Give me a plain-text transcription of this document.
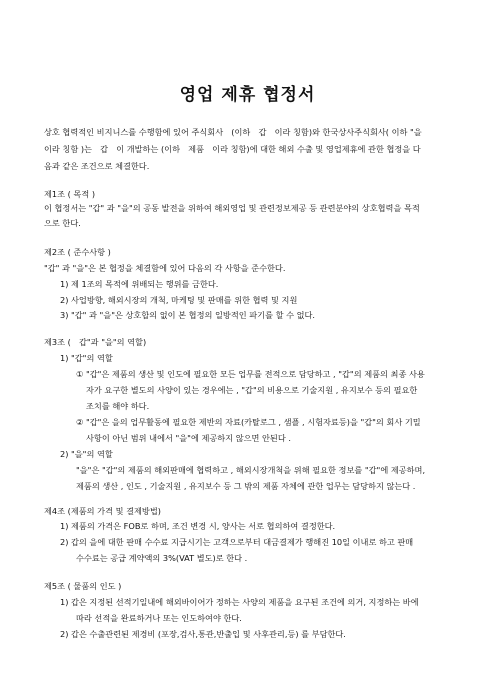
영업 제휴 협정서
상호 협력적인 비지니스를 수행함에 있어 주식회사　(이하　갑　이라 칭함)와 한국상사주식회사( 이하 "을
이라 칭함 )는　갑　이 개발하는 (이하　제품　이라 칭함)에 대한 해외 수출 및 영업제휴에 관한 협정을 다
음과 같은 조건으로 체결한다.
제1조 ( 목적 )
이 협정서는 "갑" 과 "을"의 공동 발전을 위하여 해외영업 및 관련정보제공 등 관련분야의 상호협력을 목적
으로 한다.
제2조 ( 준수사항 )
"갑" 과 "을"은 본 협정을 체결함에 있어 다음의 각 사항을 준수한다.
1) 제 1조의 목적에 위배되는 행위를 금한다.
2) 사업방향, 해외시장의 개척, 마케팅 및 판매를 위한 협력 및 지원
3) "갑" 과 "을"은 상호합의 없이 본 협정의 일방적인 파기를 할 수 없다.
제3조 (　갑"과 "을"의 역할)
1) "갑"의 역할
① "갑"은 제품의 생산 및 인도에 필요한 모든 업무를 전적으로 담당하고 , "갑"의 제품의 최종 사용
자가 요구한 별도의 사양이 있는 경우에는 , "갑"의 비용으로 기술지원 , 유지보수 등의 필요한
조치를 해야 하다.
② "갑"은 을의 업무활동에 필요한 제반의 자료(카탈로그 , 샘플 , 시험자료등)을 "갑"의 회사 기밀
사항이 아닌 범위 내에서 "을"에 제공하지 않으면 안된다 .
2) "을"의 역할
"을"은 "갑"의 제품의 해외판매에 협력하고 , 해외시장개척을 위해 필요한 정보를 "갑"에 제공하며,
제품의 생산 , 인도 , 기술지원 , 유지보수 등 그 밖의 제품 자체에 관한 업무는 담당하지 않는다 .
제4조 (제품의 가격 및 결제방법)
1) 제품의 가격은 FOB로 하며, 조건 변경 시, 양사는 서로 협의하여 결정한다.
2) 갑의 을에 대한 판매 수수료 지급시기는 고객으로부터 대금결제가 행해진 10일 이내로 하고 판매
수수료는 공급 계약액의 3%(VAT 별도)로 한다 .
제5조 ( 물품의 인도 )
1) 갑은 지정된 선적기일내에 해외바이어가 정하는 사양의 제품을 요구된 조건에 의거, 지정하는 바에
따라 선적을 완료하거나 또는 인도하여야 한다.
2) 갑은 수출관련된 제경비 (포장,검사,통관,반출입 및 사후관리,등) 를 부담한다.
